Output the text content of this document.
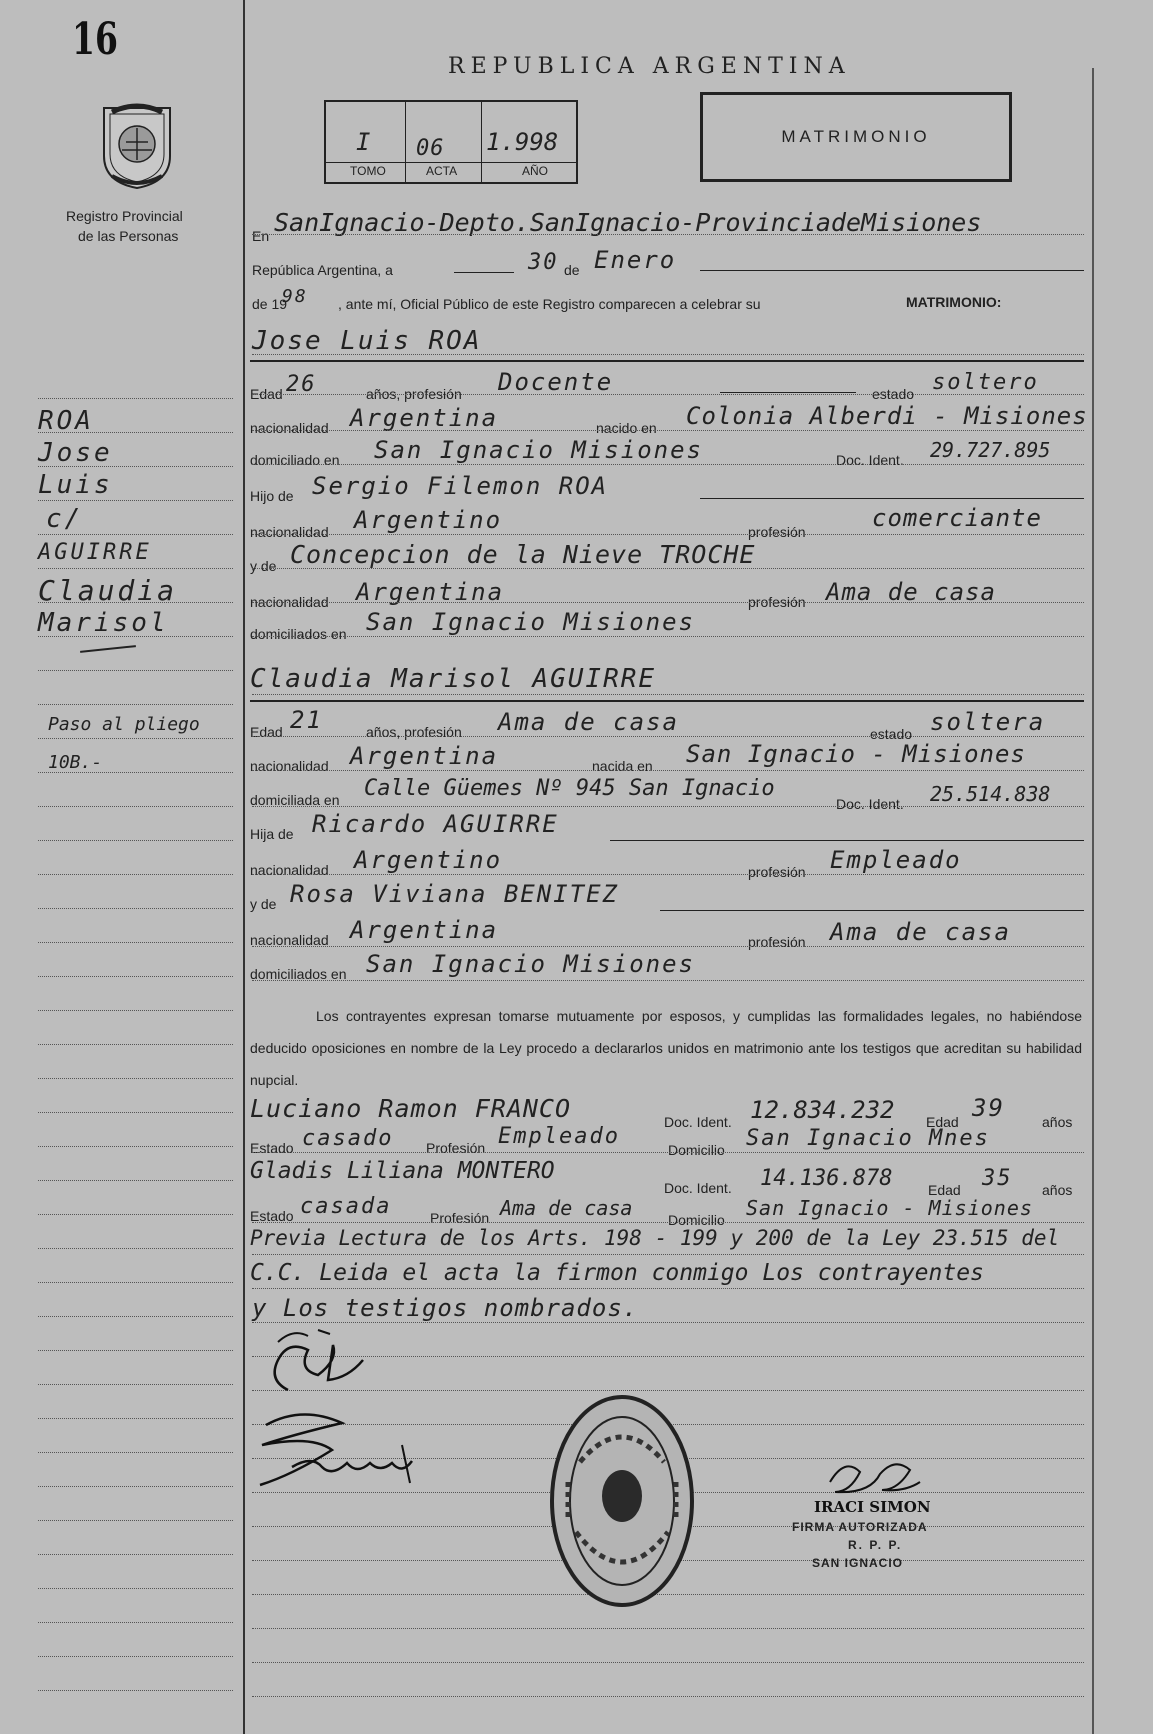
16
Registro Provincial
de las Personas
REPUBLICA ARGENTINA
I 06 1.998
TOMO	ACTA	AÑO
MATRIMONIO
En SanIgnacio-Depto.SanIgnacio-ProvinciadeMisiones
República Argentina, a	30 de Enero
de 19
98 , ante mí, Oficial Público de este Registro comparecen a celebrar su	MATRIMONIO:
Jose Luis ROA
Edad 26	años, profesión Docente	estado soltero
nacionalidad Argentina	nacido en Colonia Alberdi - Misiones
domiciliado en San Ignacio Misiones	Doc. Ident. 29.727.895
Hijo de Sergio Filemon ROA
nacionalidad Argentino	profesión	comerciante
y de Concepcion de la Nieve TROCHE
nacionalidad Argentina	profesión Ama de casa
domiciliados en San Ignacio Misiones
Claudia Marisol AGUIRRE
Edad 21	años, profesión Ama de casa	estado soltera
nacionalidad Argentina	nacida en San Ignacio - Misiones
domiciliada en Calle Güemes Nº 945 San Ignacio
Doc. Ident. 25.514.838
Hija de Ricardo AGUIRRE
nacionalidad Argentino	profesión Empleado
y de Rosa Viviana BENITEZ
nacionalidad Argentina	profesión Ama de casa
domiciliados en San Ignacio Misiones
Los contrayentes expresan tomarse mutuamente por esposos, y cumplidas las formalidades legales, no habiéndose deducido oposiciones en nombre de la Ley procedo a declararlos unidos en matrimonio ante los testigos que acreditan su habilidad nupcial.
Luciano Ramon FRANCO	Doc. Ident. 12.834.232 Edad 39	años
Estado casado Profesión Empleado
Domicilio San Ignacio Mnes
Gladis Liliana MONTERO
Doc. Ident. 14.136.878	Edad 35 años
Estado casada	Profesión Ama de casa	Domicilio San Ignacio - Misiones
Previa Lectura de los Arts. 198 - 199 y 200 de la Ley 23.515 del
C.C. Leida el acta la firmon conmigo Los contrayentes
y Los testigos nombrados.
IRACI SIMON
FIRMA AUTORIZADA
R. P. P.
SAN IGNACIO
ROA
Jose
Luis
c/
AGUIRRE
Claudia
Marisol
Paso al pliego
10B.-
